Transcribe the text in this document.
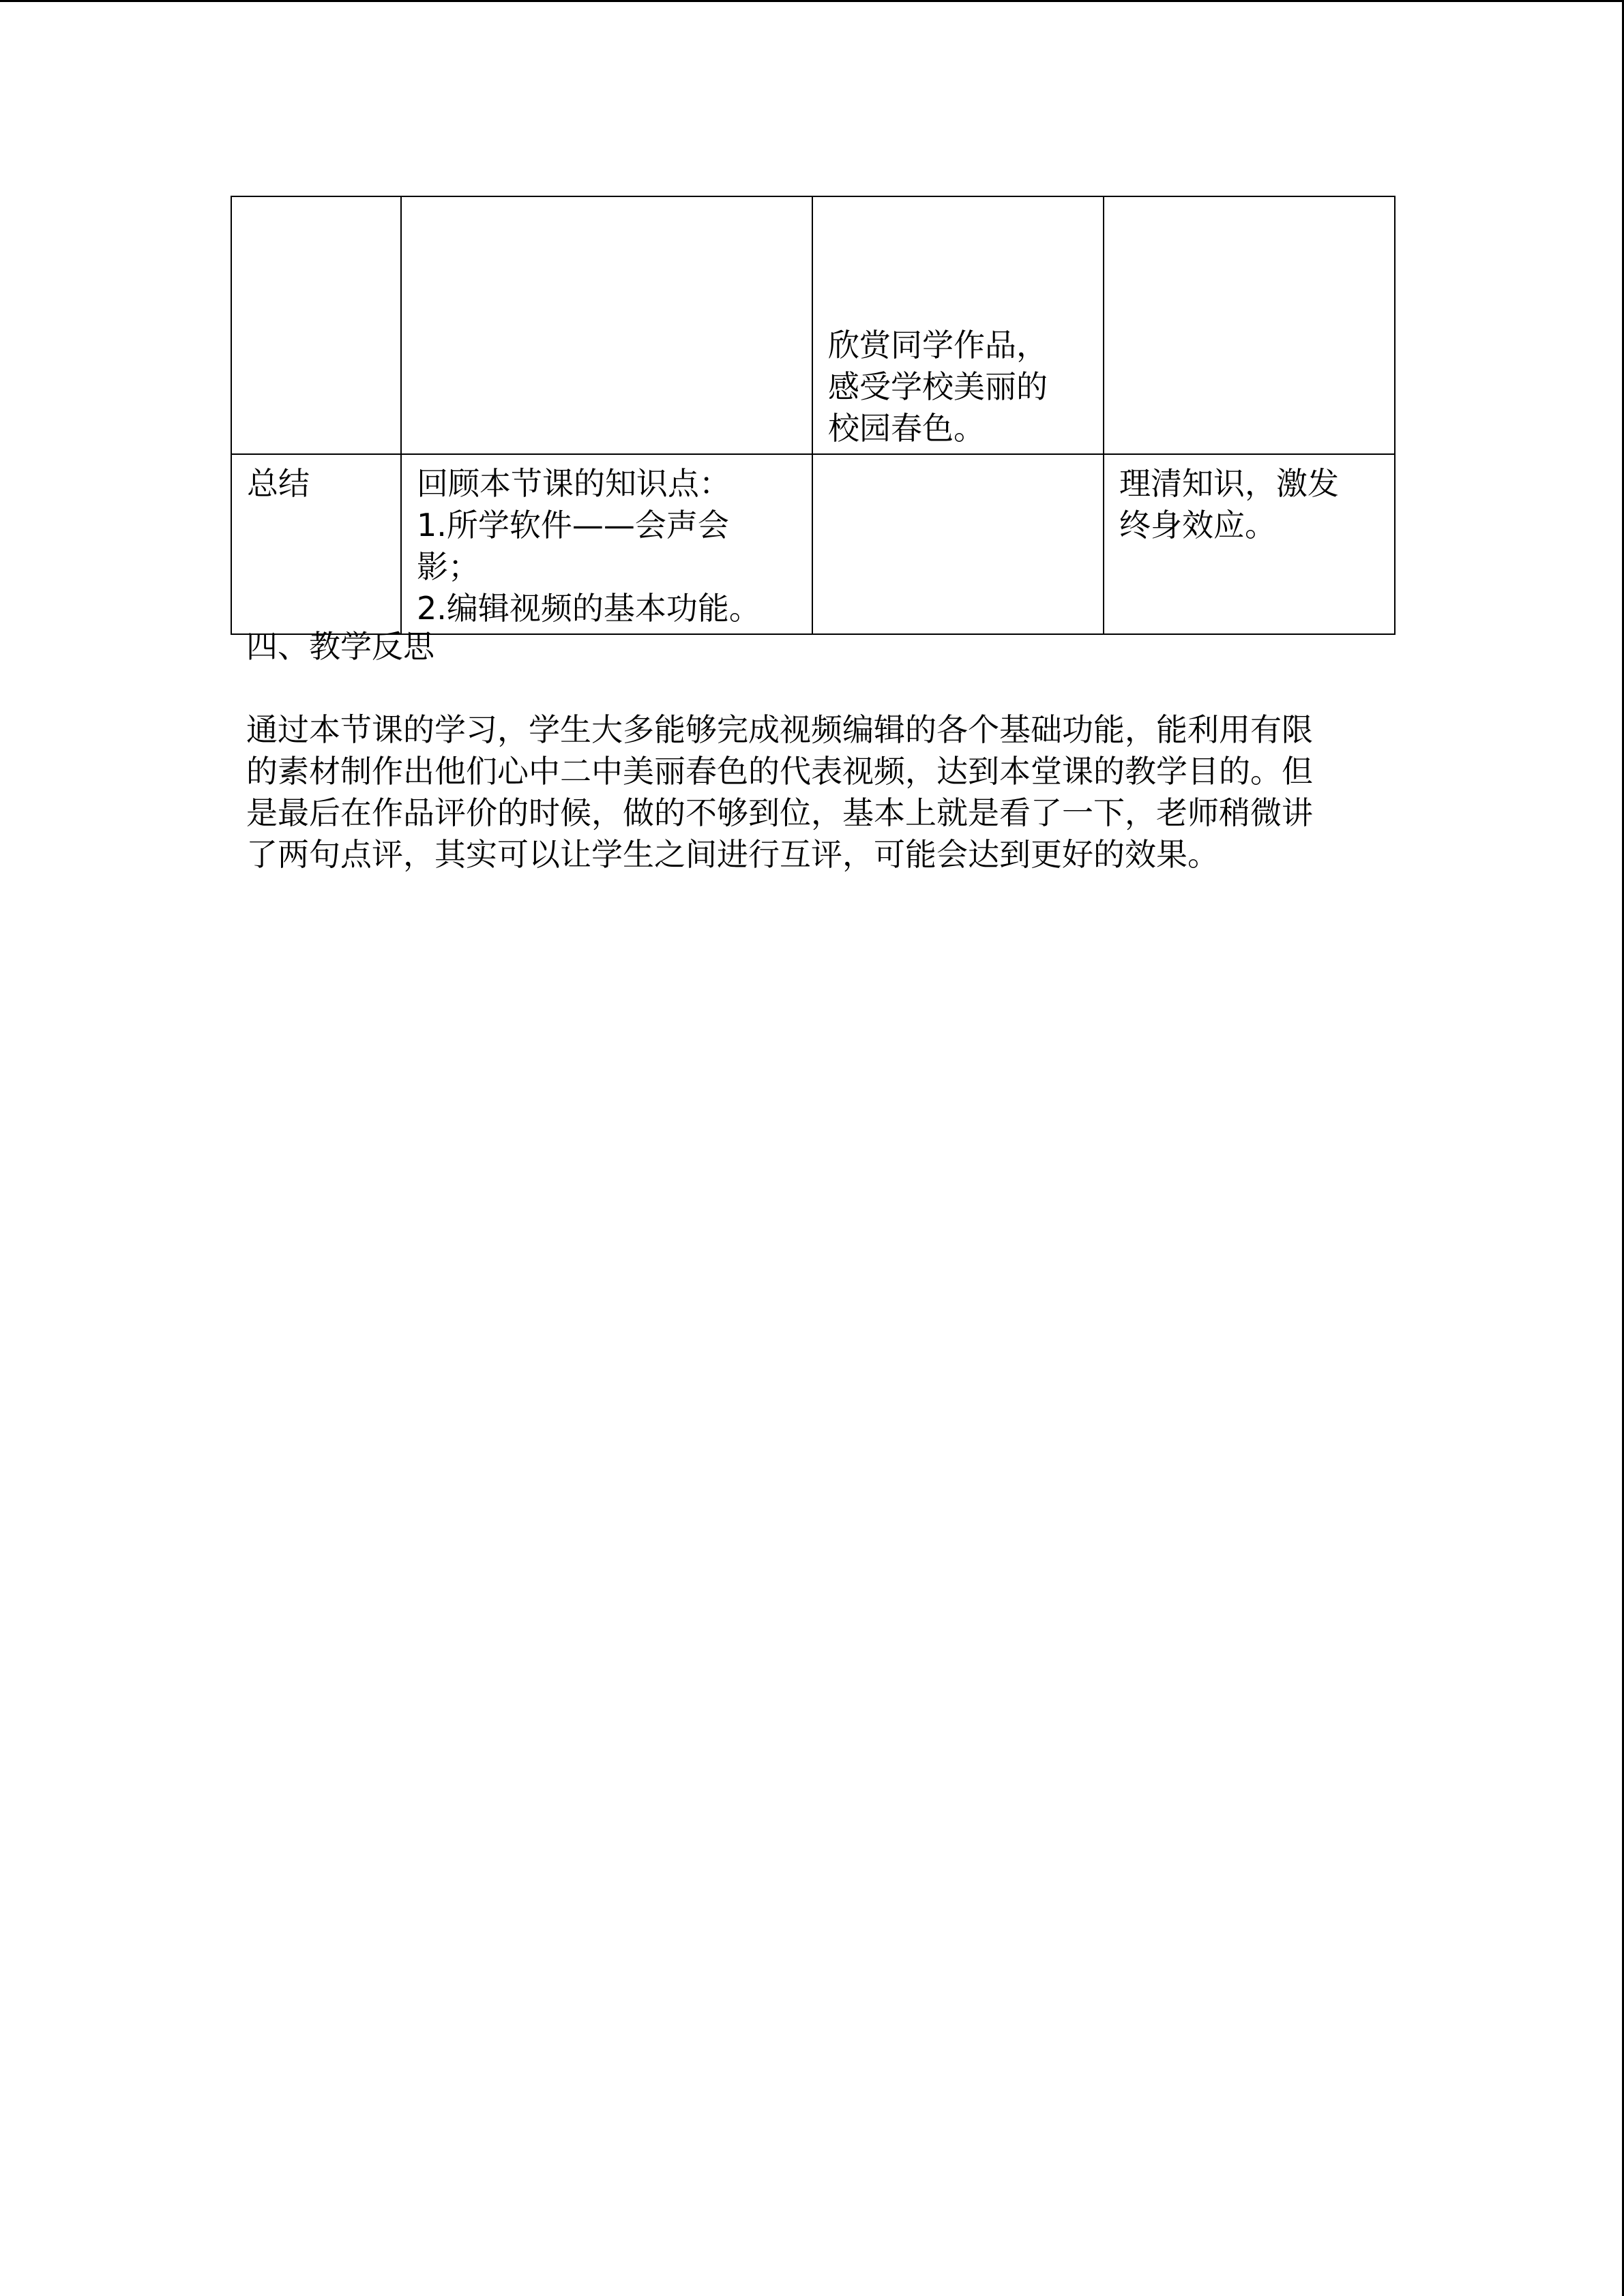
		欣赏同学作品，
感受学校美丽的
校园春色。	

总结	回顾本节课的知识点：
1.所学软件——会声会
影；
2.编辑视频的基本功能。		理清知识，激发
终身效应。
四、教学反思
通过本节课的学习，学生大多能够完成视频编辑的各个基础功能，能利用有限
的素材制作出他们心中二中美丽春色的代表视频，达到本堂课的教学目的。但
是最后在作品评价的时候，做的不够到位，基本上就是看了一下，老师稍微讲
了两句点评，其实可以让学生之间进行互评，可能会达到更好的效果。
